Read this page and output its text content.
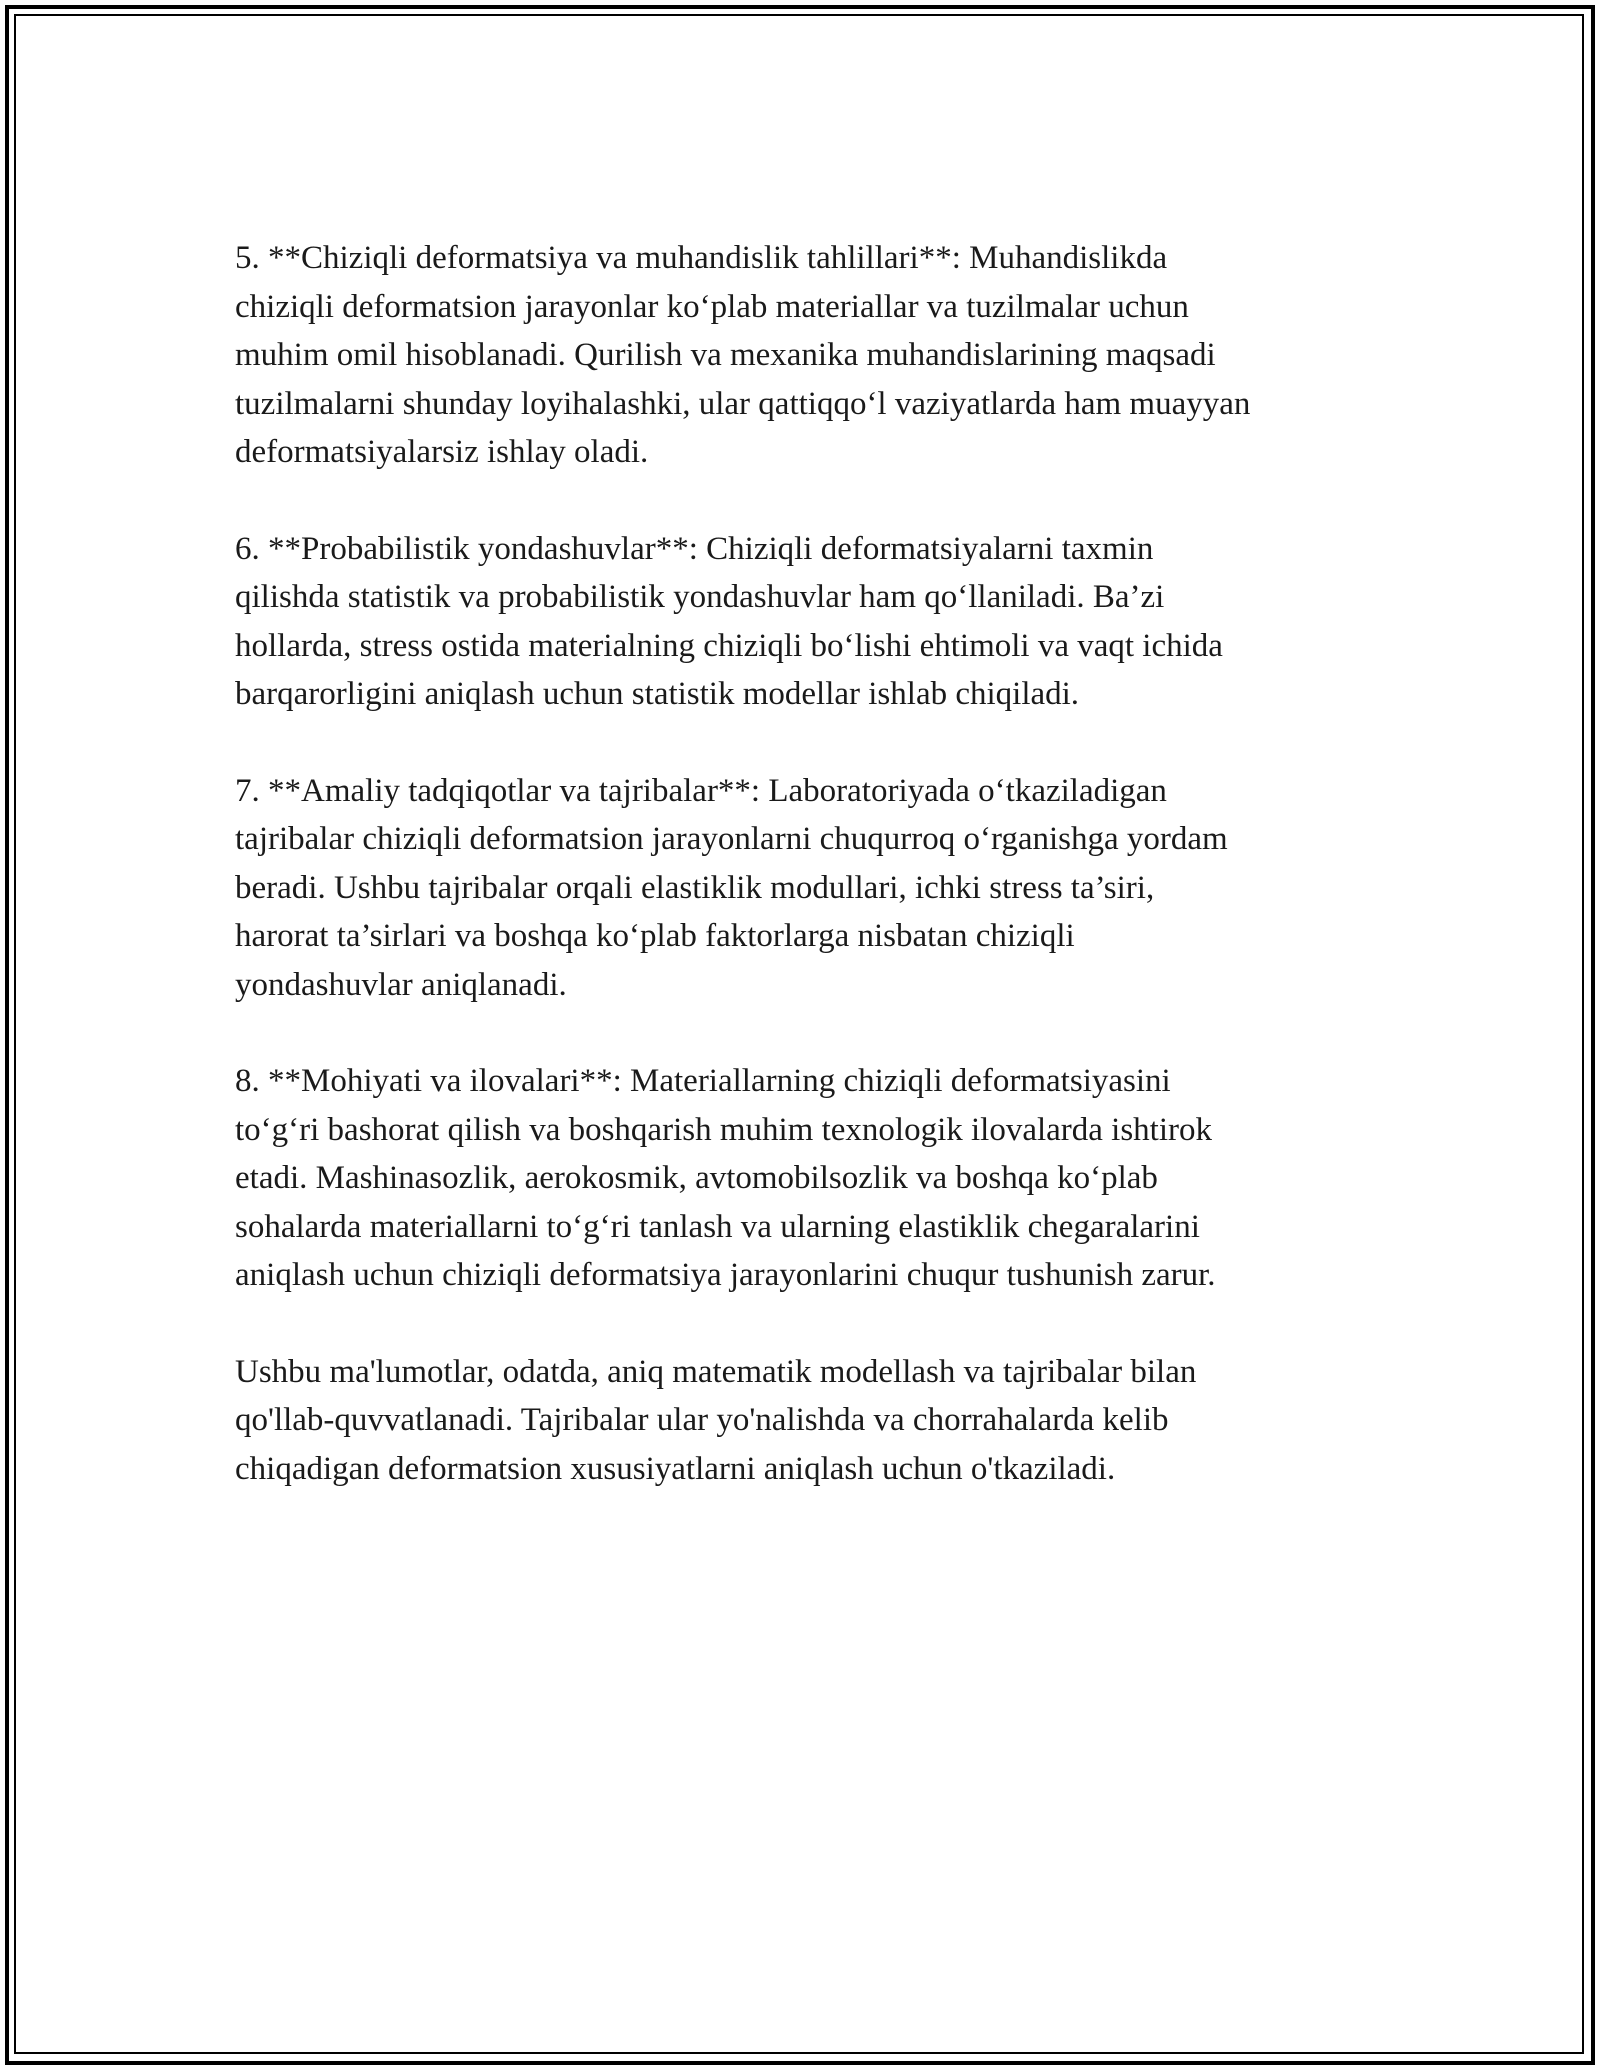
5. **Chiziqli deformatsiya va muhandislik tahlillari**: Muhandislikda
chiziqli deformatsion jarayonlar ko‘plab materiallar va tuzilmalar uchun
muhim omil hisoblanadi. Qurilish va mexanika muhandislarining maqsadi
tuzilmalarni shunday loyihalashki, ular qattiqqo‘l vaziyatlarda ham muayyan
deformatsiyalarsiz ishlay oladi.

6. **Probabilistik yondashuvlar**: Chiziqli deformatsiyalarni taxmin
qilishda statistik va probabilistik yondashuvlar ham qo‘llaniladi. Ba’zi
hollarda, stress ostida materialning chiziqli bo‘lishi ehtimoli va vaqt ichida
barqarorligini aniqlash uchun statistik modellar ishlab chiqiladi.

7. **Amaliy tadqiqotlar va tajribalar**: Laboratoriyada o‘tkaziladigan
tajribalar chiziqli deformatsion jarayonlarni chuqurroq o‘rganishga yordam
beradi. Ushbu tajribalar orqali elastiklik modullari, ichki stress ta’siri,
harorat ta’sirlari va boshqa ko‘plab faktorlarga nisbatan chiziqli
yondashuvlar aniqlanadi.

8. **Mohiyati va ilovalari**: Materiallarning chiziqli deformatsiyasini
to‘g‘ri bashorat qilish va boshqarish muhim texnologik ilovalarda ishtirok
etadi. Mashinasozlik, aerokosmik, avtomobilsozlik va boshqa ko‘plab
sohalarda materiallarni to‘g‘ri tanlash va ularning elastiklik chegaralarini
aniqlash uchun chiziqli deformatsiya jarayonlarini chuqur tushunish zarur.

Ushbu ma'lumotlar, odatda, aniq matematik modellash va tajribalar bilan
qo'llab-quvvatlanadi. Tajribalar ular yo'nalishda va chorrahalarda kelib
chiqadigan deformatsion xususiyatlarni aniqlash uchun o'tkaziladi.
